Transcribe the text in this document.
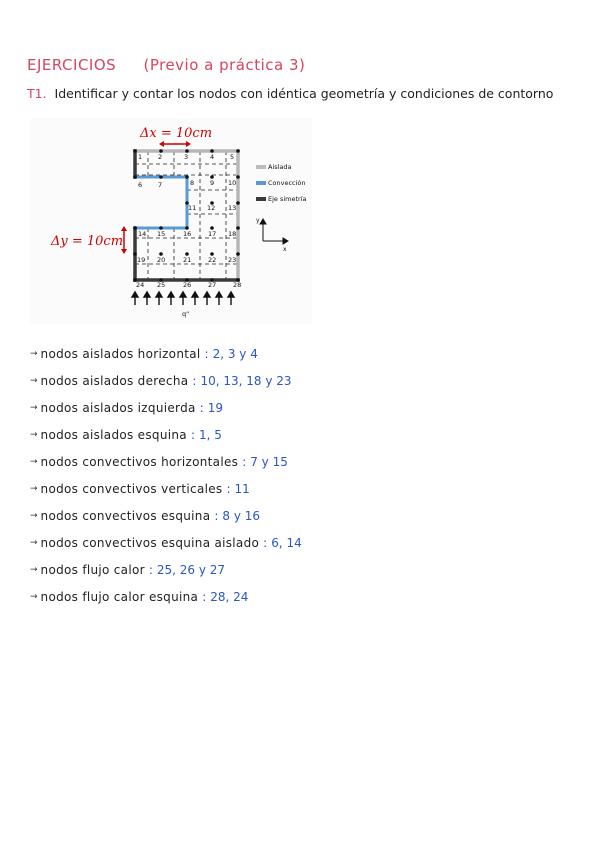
EJERCICIOS (Previo a práctica 3)
T1. Identificar y contar los nodos con idéntica geometría y condiciones de contorno
Δx = 10cm
Δy = 10cm
1 2	3	4 5
6 7	8 9 10
11 12 13
14 15	16	17 18
19 20	21	22 23
24 25	26	27	28
q''
Aislada
Convección
Eje simetría
y
x
→ nodos aislados horizontal : 2, 3 y 4
→ nodos aislados derecha : 10, 13, 18 y 23
→ nodos aislados izquierda : 19
→ nodos aislados esquina : 1, 5
→ nodos convectivos horizontales : 7 y 15
→ nodos convectivos verticales : 11
→ nodos convectivos esquina : 8 y 16
→ nodos convectivos esquina aislado : 6, 14
→ nodos flujo calor : 25, 26 y 27
→ nodos flujo calor esquina : 28, 24
